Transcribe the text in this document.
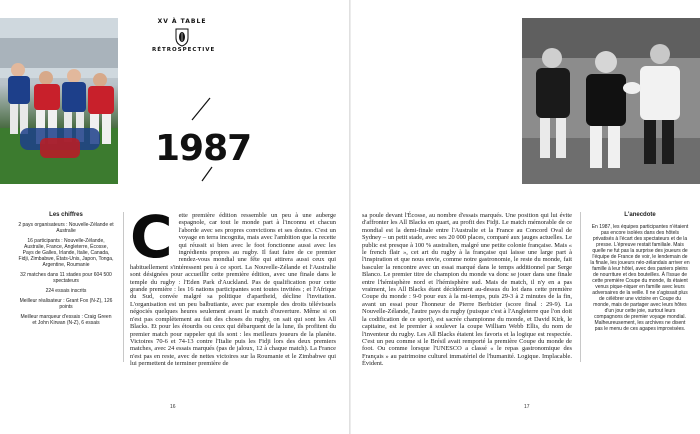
XV À TABLE
RÉTROSPECTIVE
1987
Les chiffres
2 pays organisateurs : Nouvelle-Zélande et Australie
16 participants : Nouvelle-Zélande, Australie, France, Angleterre, Écosse, Pays de Galles, Irlande, Italie, Canada, Fidji, Zimbabwe, États-Unis, Japon, Tonga, Argentine, Roumanie
32 matches dans 11 stades pour 604 500 spectateurs
224 essais inscrits
Meilleur réalisateur : Grant Fox (N-Z), 126 points
Meilleur marqueur d'essais : Craig Green et John Kirwan (N-Z), 6 essais
C ette première édition ressemble un peu à une auberge espagnole, car tout le monde part à l'inconnu et chacun l'aborde avec ses propres convictions et ses doutes. C'est un voyage en terra incognita, mais avec l'ambition que la recette qui réussit si bien avec le foot fonctionne aussi avec les ingrédients propres au rugby. Il faut faire de ce premier rendez-vous mondial une fête qui attirera aussi ceux qui habituellement s'intéressent peu à ce sport. La Nouvelle-Zélande et l'Australie sont désignées pour accueillir cette première édition, avec une finale dans le temple du rugby : l'Eden Park d'Auckland. Pas de qualification pour cette grande première : les 16 nations participantes sont toutes invitées ; et l'Afrique du Sud, convée malgré sa politique d'apartheid, décline l'invitation. L'organisation est un peu balbutiante, avec par exemple des droits télévisuels négociés quelques heures seulement avant le match d'ouverture. Même si on n'est pas complètement au fait des choses du rugby, on sait qui sont les All Blacks. Et pour les étourdis ou ceux qui débarquent de la lune, ils profitent du premier match pour rappeler qui ils sont : les meilleurs joueurs de la planète. Victoires 70-6 et 74-13 contre l'Italie puis les Fidji lors des deux premiers matches, avec 24 essais marqués (pas de jaloux, 12 à chaque match). La France n'est pas en reste, avec de nettes victoires sur la Roumanie et le Zimbabwe qui lui permettent de terminer première de

sa poule devant l'Écosse, au nombre d'essais marqués. Une position qui lui évite d'affronter les All Blacks en quart, au profit des Fidji. Le match mémorable de ce mondial est la demi-finale entre l'Australie et la France au Concord Oval de Sydney – un petit stade, avec ses 20 000 places, comparé aux jauges actuelles. Le public est presque à 100 % australien, malgré une petite colonie française. Mais « le french flair », cet art du rugby à la française qui laisse une large part à l'inspiration et que nous envie, comme notre gastronomie, le reste du monde, fait basculer la rencontre avec un essai marqué dans le temps additionnel par Serge Blanco. Le premier titre de champion du monde va donc se jouer dans une finale entre l'hémisphère nord et l'hémisphère sud. Mais de match, il n'y en a pas vraiment, les All Blacks étant décidément au-dessus du lot dans cette première Coupe du monde : 9-0 pour eux à la mi-temps, puis 29-3 à 2 minutes de la fin, avant un essai pour l'honneur de Pierre Berbizier (score final : 29-9). La Nouvelle-Zélande, l'autre pays du rugby (puisque c'est à l'Angleterre que l'on doit la codification de ce sport), est sacrée championne du monde, et David Kirk, le capitaine, est le premier à soulever la coupe William Webb Ellis, du nom de l'inventeur du rugby. Les All Blacks étaient les favoris et la logique est respectée. C'est un peu comme si le Brésil avait remporté la première Coupe du monde de foot. Ou comme lorsque l'UNESCO a classé « le repas gastronomique des Français » au patrimoine culturel immatériel de l'humanité. Logique. Implacable. Évident.

L'anecdote
En 1987, les équipes participantes n'étaient pas encore isolées dans des hôtels privatisés à l'écart des spectateurs et de la presse. L'épreuve restait familiale. Mais quelle ne fut pas la surprise des joueurs de l'équipe de France de voir, le lendemain de la finale, les joueurs néo-zélandais arriver en famille à leur hôtel, avec des paniers pleins de nourriture et des bouteilles. À l'issue de cette première Coupe du monde, ils étaient venus pique-niquer en famille avec leurs adversaires de la veille. Il ne s'agissait plus de célébrer une victoire en Coupe du monde, mais de partager avec leurs hôtes d'un jour cette joie, surtout leurs compagnons de premier voyage mondial. Malheureusement, les archives ne disent pas le menu de ces agapes improvisées.
16	17
